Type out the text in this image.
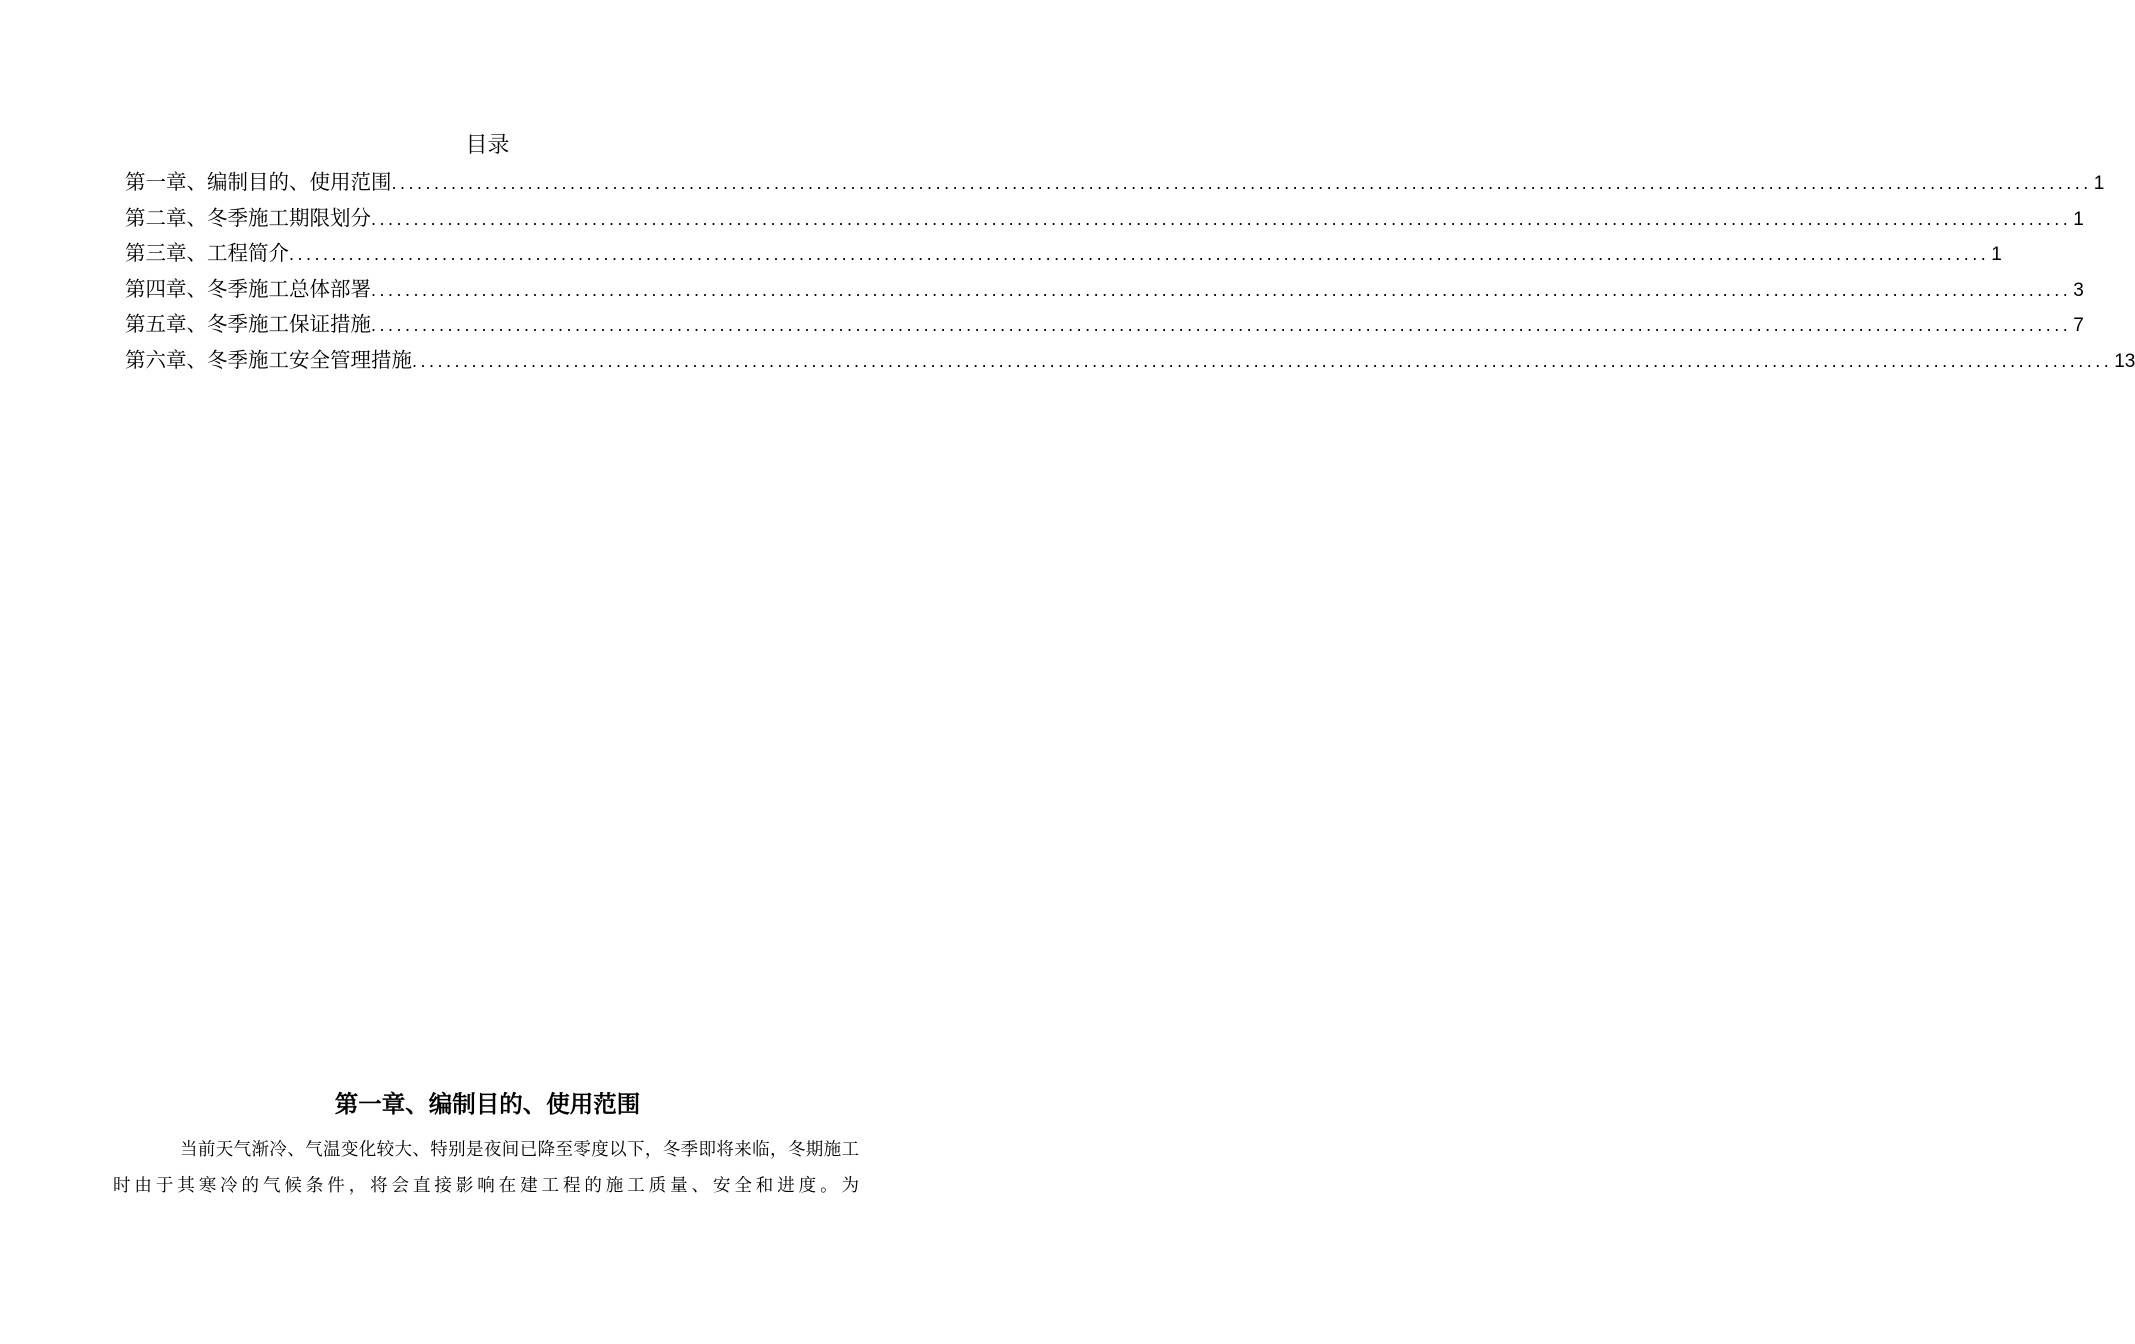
目录
第一章、编制目的、使用范围 ........................................................................................................................................................................................................ 1
第二章、冬季施工期限划分 ........................................................................................................................................................................................................ 1
第三章、工程简介 ........................................................................................................................................................................................................ 1
第四章、冬季施工总体部署 ........................................................................................................................................................................................................ 3
第五章、冬季施工保证措施 ........................................................................................................................................................................................................ 7
第六章、冬季施工安全管理措施 ........................................................................................................................................................................................................ 13
第一章、编制目的、使用范围

当前天气渐冷、气温变化较大、特别是夜间已降至零度以下，冬季即将来临，冬期施工时由于其寒冷的气候条件，将会直接影响在建工程的施工质量、安全和进度。为
